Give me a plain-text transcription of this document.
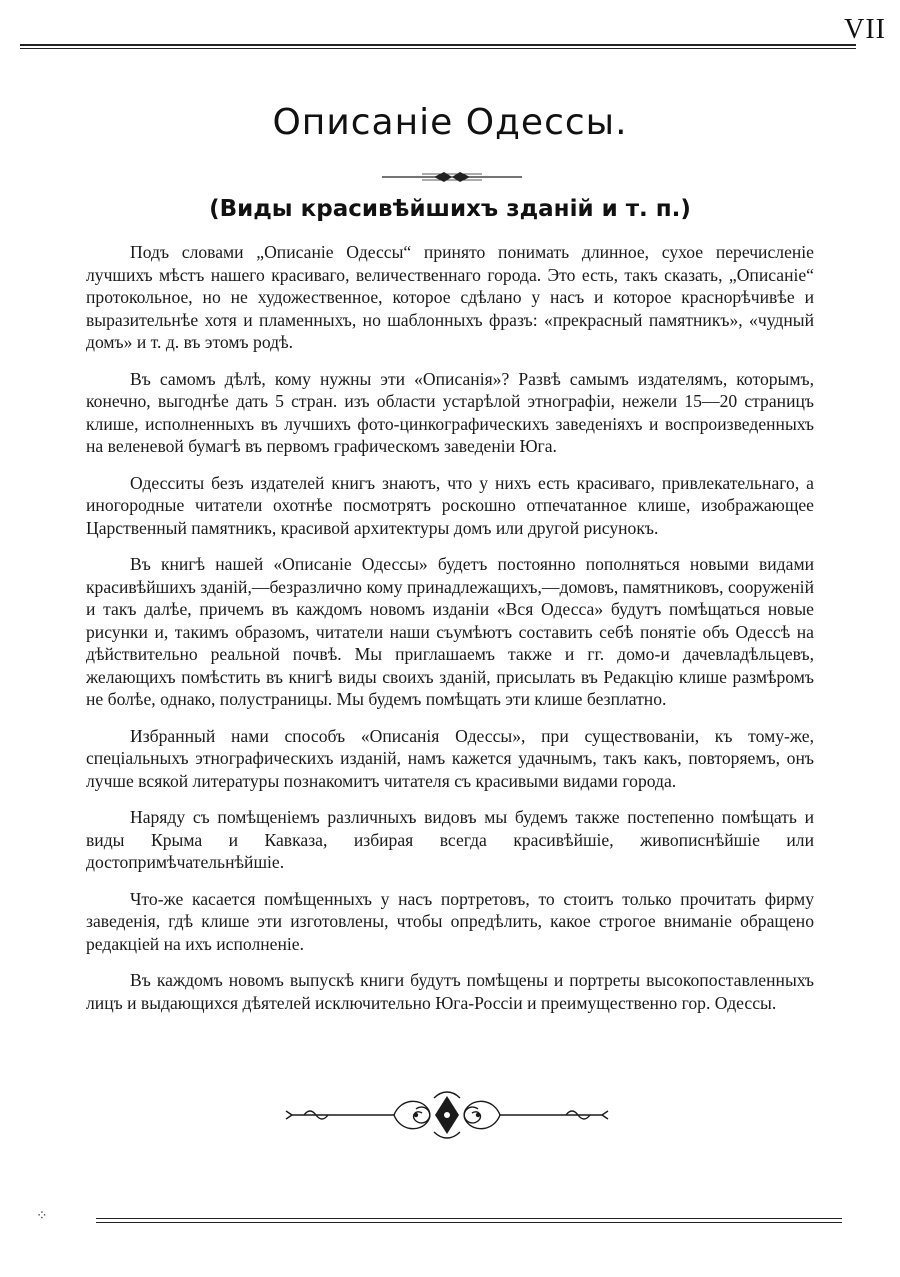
VII
Описаніе Одессы.
(Виды красивѣйшихъ зданій и т. п.)

Подъ словами „Описаніе Одессы“ принято понимать длинное, сухое перечисленіе лучшихъ мѣстъ нашего красиваго, величественнаго города. Это есть, такъ сказать, „Описаніе“ протокольное, но не художественное, которое сдѣлано у насъ и которое краснорѣчивѣе и выразительнѣе хотя и пламенныхъ, но шаблонныхъ фразъ: «прекрасный памятникъ», «чудный домъ» и т. д. въ этомъ родѣ.

Въ самомъ дѣлѣ, кому нужны эти «Описанія»? Развѣ самымъ издателямъ, которымъ, конечно, выгоднѣе дать 5 стран. изъ области устарѣлой этнографіи, нежели 15—20 страницъ клише, исполненныхъ въ лучшихъ фото-цинкографическихъ заведеніяхъ и воспроизведенныхъ на веленевой бумагѣ въ первомъ графическомъ заведеніи Юга.

Одесситы безъ издателей книгъ знаютъ, что у нихъ есть красиваго, привлекательнаго, а иногородные читатели охотнѣе посмотрятъ роскошно отпечатанное клише, изображающее Царственный памятникъ, красивой архитектуры домъ или другой рисунокъ.

Въ книгѣ нашей «Описаніе Одессы» будетъ постоянно пополняться новыми видами красивѣйшихъ зданій,—безразлично кому принадлежащихъ,—домовъ, памятниковъ, сооруженій и такъ далѣе, причемъ въ каждомъ новомъ изданіи «Вся Одесса» будутъ помѣщаться новые рисунки и, такимъ образомъ, читатели наши съумѣютъ составить себѣ понятіе объ Одессѣ на дѣйствительно реальной почвѣ. Мы приглашаемъ также и гг. домо-и дачевладѣльцевъ, желающихъ помѣстить въ книгѣ виды своихъ зданій, присылать въ Редакцію клише размѣромъ не болѣе, однако, полустраницы. Мы будемъ помѣщать эти клише безплатно.

Избранный нами способъ «Описанія Одессы», при существованіи, къ тому-же, спеціальныхъ этнографическихъ изданій, намъ кажется удачнымъ, такъ какъ, повторяемъ, онъ лучше всякой литературы познакомитъ читателя съ красивыми видами города.

Наряду съ помѣщеніемъ различныхъ видовъ мы будемъ также постепенно помѣщать и виды Крыма и Кавказа, избирая всегда красивѣйшіе, живописнѣйшіе или достопримѣчательнѣйшіе.

Что-же касается помѣщенныхъ у насъ портретовъ, то стоитъ только прочитать фирму заведенія, гдѣ клише эти изготовлены, чтобы опредѣлить, какое строгое вниманіе обращено редакціей на ихъ исполненіе.

Въ каждомъ новомъ выпускѣ книги будутъ помѣщены и портреты высокопоставленныхъ лицъ и выдающихся дѣятелей исключительно Юга-Россіи и преимущественно гор. Одессы.

⁘
